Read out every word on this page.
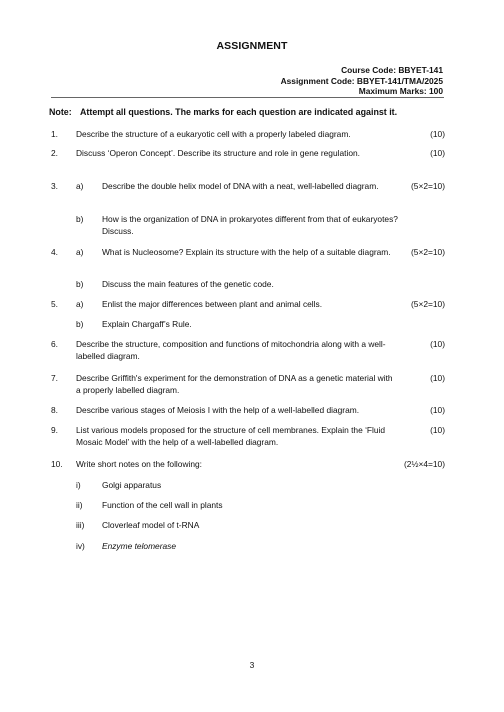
ASSIGNMENT
Course Code: BBYET-141
Assignment Code: BBYET-141/TMA/2025
Maximum Marks: 100
Note: Attempt all questions. The marks for each question are indicated against it.
1.	Describe the structure of a eukaryotic cell with a properly labeled diagram.	(10)
2.	Discuss ‘Operon Concept’. Describe its structure and role in gene regulation.	(10)
3.	a) Describe the double helix model of DNA with a neat, well-labelled diagram.	(5×2=10)
b) How is the organization of DNA in prokaryotes different from that of eukaryotes? Discuss.
4.	a) What is Nucleosome? Explain its structure with the help of a suitable diagram.	(5×2=10)
b) Discuss the main features of the genetic code.
5.	a) Enlist the major differences between plant and animal cells.	(5×2=10)
b) Explain Chargaff’s Rule.
6.	Describe the structure, composition and functions of mitochondria along with a well-labelled diagram.
(10)
7.	Describe Griffith's experiment for the demonstration of DNA as a genetic material with a properly labelled diagram.
(10)
8.	Describe various stages of Meiosis I with the help of a well-labelled diagram.	(10)
9.	List various models proposed for the structure of cell membranes. Explain the ‘Fluid Mosaic Model’ with the help of a well-labelled diagram.
(10)
10.	Write short notes on the following:	(2½×4=10)
i)	Golgi apparatus
ii) Function of the cell wall in plants
iii) Cloverleaf model of t-RNA
iv) Enzyme telomerase
3
